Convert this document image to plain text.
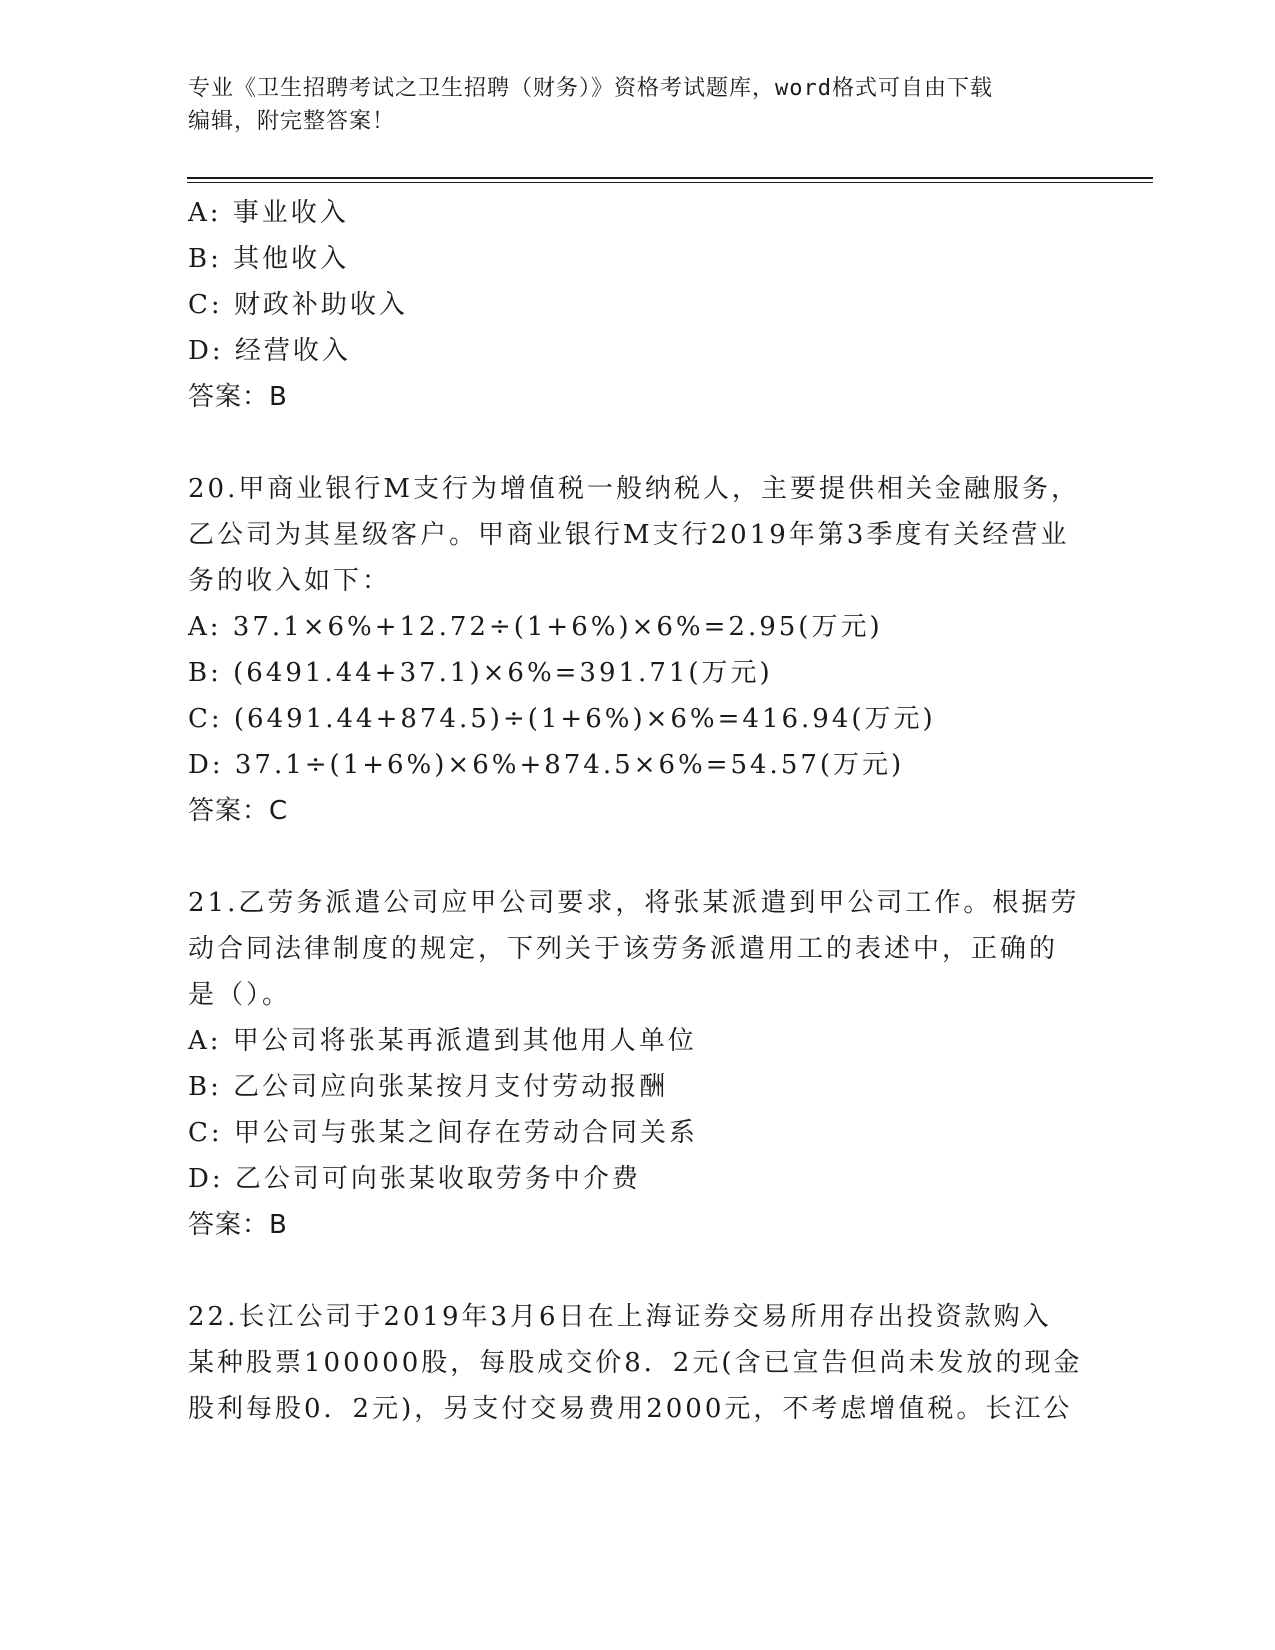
专业《卫生招聘考试之卫生招聘（财务）》资格考试题库，word格式可自由下载
编辑，附完整答案！
A: 事业收入
B: 其他收入
C: 财政补助收入
D: 经营收入
答案：B
20.甲商业银行M支行为增值税一般纳税人，主要提供相关金融服务，
乙公司为其星级客户。甲商业银行M支行2019年第3季度有关经营业
务的收入如下：
A: 37.1×6%+12.72÷(1+6%)×6%=2.95(万元)
B: (6491.44+37.1)×6%=391.71(万元)
C: (6491.44+874.5)÷(1+6%)×6%=416.94(万元)
D: 37.1÷(1+6%)×6%+874.5×6%=54.57(万元)
答案：C
21.乙劳务派遣公司应甲公司要求，将张某派遣到甲公司工作。根据劳
动合同法律制度的规定，下列关于该劳务派遣用工的表述中，正确的
是（）。
A: 甲公司将张某再派遣到其他用人单位
B: 乙公司应向张某按月支付劳动报酬
C: 甲公司与张某之间存在劳动合同关系
D: 乙公司可向张某收取劳务中介费
答案：B
22.长江公司于2019年3月6日在上海证券交易所用存出投资款购入
某种股票100000股，每股成交价8．2元(含已宣告但尚未发放的现金
股利每股0．2元)，另支付交易费用2000元，不考虑增值税。长江公
